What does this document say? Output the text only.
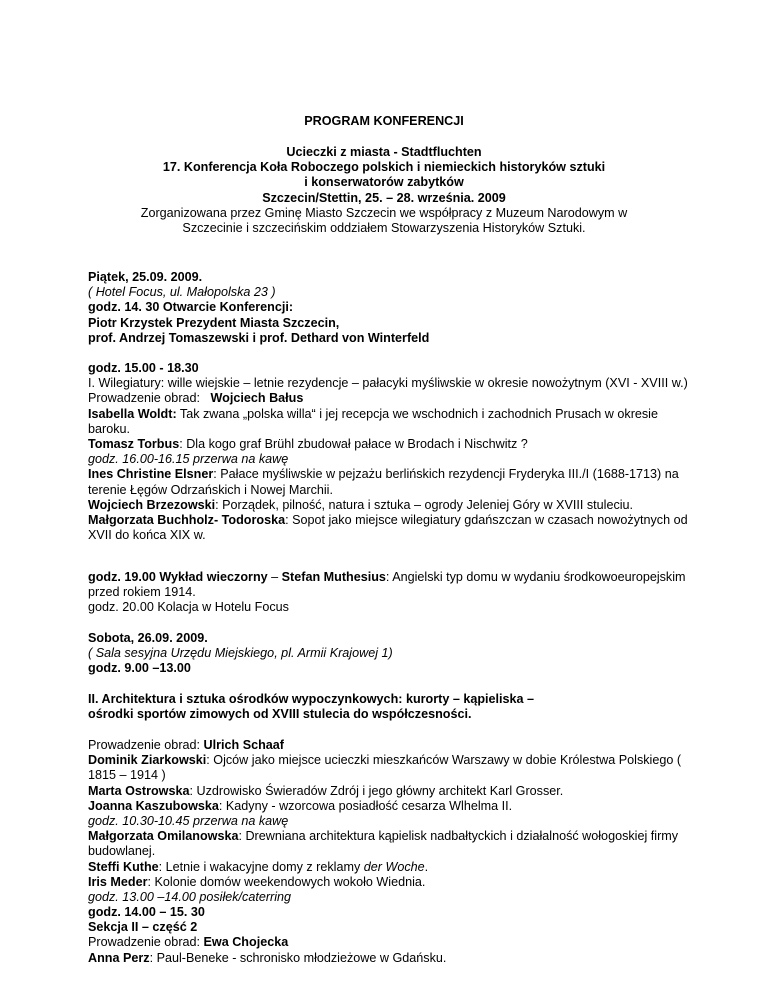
PROGRAM KONFERENCJI
Ucieczki z miasta - Stadtfluchten
17. Konferencja Koła Roboczego polskich i niemieckich historyków sztuki
i konserwatorów zabytków
Szczecin/Stettin, 25. – 28. września. 2009
Zorganizowana przez Gminę Miasto Szczecin we współpracy z Muzeum Narodowym w
Szczecinie i szczecińskim oddziałem Stowarzyszenia Historyków Sztuki.

Piątek, 25.09. 2009.

( Hotel Focus, ul. Małopolska 23 )

godz. 14. 30 Otwarcie Konferencji:

Piotr Krzystek Prezydent Miasta Szczecin,

prof. Andrzej Tomaszewski i prof. Dethard von Winterfeld

godz. 15.00 - 18.30

I. Wilegiatury: wille wiejskie – letnie rezydencje – pałacyki myśliwskie w okresie nowożytnym (XVI - XVIII w.)

Prowadzenie obrad: Wojciech Bałus

Isabella Woldt: Tak zwana „polska willa“ i jej recepcja we wschodnich i zachodnich Prusach w okresie baroku.

Tomasz Torbus: Dla kogo graf Brühl zbudował pałace w Brodach i Nischwitz ?

godz. 16.00-16.15 przerwa na kawę

Ines Christine Elsner: Pałace myśliwskie w pejzażu berlińskich rezydencji Fryderyka III./I (1688-1713) na terenie Łęgów Odrzańskich i Nowej Marchii.

Wojciech Brzezowski: Porządek, pilność, natura i sztuka – ogrody Jeleniej Góry w XVIII stuleciu.

Małgorzata Buchholz- Todoroska: Sopot jako miejsce wilegiatury gdańszczan w czasach nowożytnych od XVII do końca XIX w.

godz. 19.00 Wykład wieczorny – Stefan Muthesius: Angielski typ domu w wydaniu środkowoeuropejskim przed rokiem 1914.

godz. 20.00 Kolacja w Hotelu Focus

Sobota, 26.09. 2009.

( Sala sesyjna Urzędu Miejskiego, pl. Armii Krajowej 1)

godz. 9.00 –13.00

II. Architektura i sztuka ośrodków wypoczynkowych: kurorty – kąpieliska –

ośrodki sportów zimowych od XVIII stulecia do współczesności.

Prowadzenie obrad: Ulrich Schaaf

Dominik Ziarkowski: Ojców jako miejsce ucieczki mieszkańców Warszawy w dobie Królestwa Polskiego ( 1815 – 1914 )

Marta Ostrowska: Uzdrowisko Świeradów Zdrój i jego główny architekt Karl Grosser.

Joanna Kaszubowska: Kadyny - wzorcowa posiadłość cesarza Wlhelma II.

godz. 10.30-10.45 przerwa na kawę

Małgorzata Omilanowska: Drewniana architektura kąpielisk nadbałtyckich i działalność wołogoskiej firmy budowlanej.

Steffi Kuthe: Letnie i wakacyjne domy z reklamy der Woche.

Iris Meder: Kolonie domów weekendowych wokoło Wiednia.

godz. 13.00 –14.00 posiłek/caterring

godz. 14.00 – 15. 30

Sekcja II – część 2

Prowadzenie obrad: Ewa Chojecka

Anna Perz: Paul-Beneke - schronisko młodzieżowe w Gdańsku.
